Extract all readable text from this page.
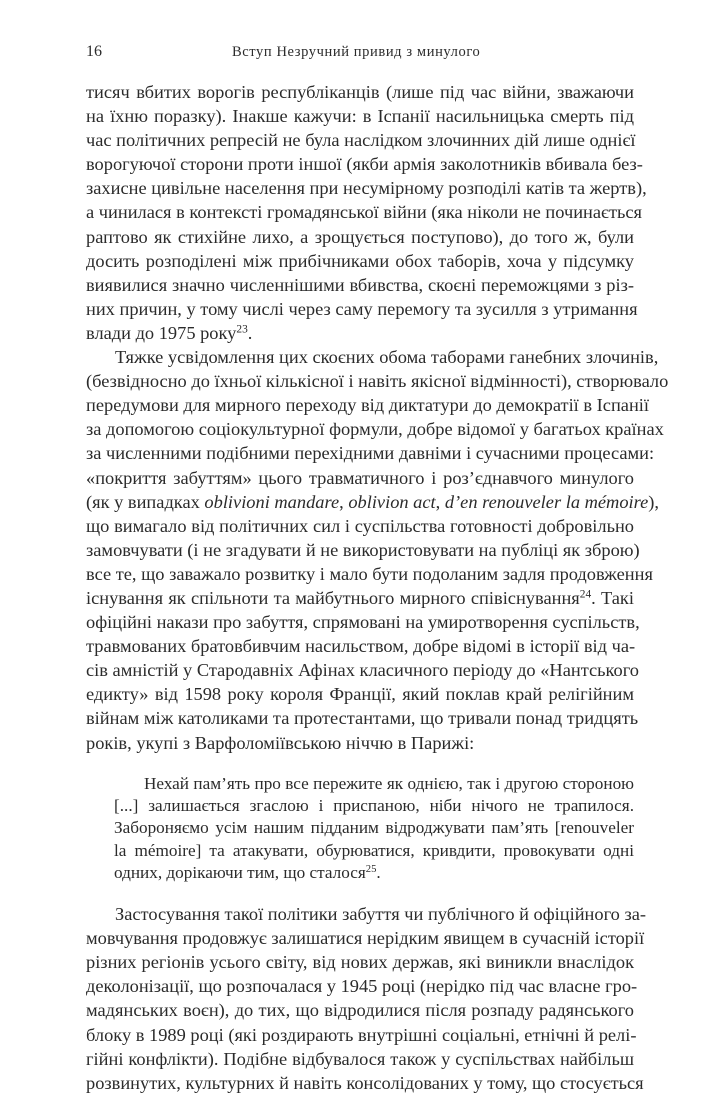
16	Вступ Незручний привид з минулого
тисяч вбитих ворогів республіканців (лише під час війни, зважаючи
на їхню поразку). Інакше кажучи: в Іспанії насильницька смерть під
час політичних репресій не була наслідком злочинних дій лише однієї
ворогуючої сторони проти іншої (якби армія заколотників вбивала без-
захисне цивільне населення при несумірному розподілі катів та жертв),
а чинилася в контексті громадянської війни (яка ніколи не починається
раптово як стихійне лихо, а зрощується поступово), до того ж, були
досить розподілені між прибічниками обох таборів, хоча у підсумку
виявилися значно численнішими вбивства, скоєні переможцями з різ-
них причин, у тому числі через саму перемогу та зусилля з утримання
влади до 1975 року$^{23}$.
Тяжке усвідомлення цих скоєних обома таборами ганебних злочинів,
(безвідносно до їхньої кількісної і навіть якісної відмінності), створювало
передумови для мирного переходу від диктатури до демократії в Іспанії
за допомогою соціокультурної формули, добре відомої у багатьох країнах
за численними подібними перехідними давніми і сучасними процесами:
«покриття забуттям» цього травматичного і роз’єднавчого минулого
(як у випадках oblivioni mandare, oblivion act, d’en renouveler la mémoire),
що вимагало від політичних сил і суспільства готовності добровільно
замовчувати (і не згадувати й не використовувати на публіці як зброю)
все те, що заважало розвитку і мало бути подоланим задля продовження
існування як спільноти та майбутнього мирного співіснування$^{24}$. Такі
офіційні накази про забуття, спрямовані на умиротворення суспільств,
травмованих братовбивчим насильством, добре відомі в історії від ча-
сів амністій у Стародавніх Афінах класичного періоду до «Нантського
едикту» від 1598 року короля Франції, який поклав край релігійним
війнам між католиками та протестантами, що тривали понад тридцять
років, укупі з Варфоломіївською ніччю в Парижі:
Нехай пам’ять про все пережите як однією, так і другою стороною
[...] залишається згаслою і приспаною, ніби нічого не трапилося.
Забороняємо усім нашим підданим відроджувати пам’ять [renouveler
la mémoire] та атакувати, обурюватися, кривдити, провокувати одні
одних, дорікаючи тим, що сталося$^{25}$.
Застосування такої політики забуття чи публічного й офіційного за-
мовчування продовжує залишатися нерідким явищем в сучасній історії
різних регіонів усього світу, від нових держав, які виникли внаслідок
деколонізації, що розпочалася у 1945 році (нерідко під час власне гро-
мадянських воєн), до тих, що відродилися після розпаду радянського
блоку в 1989 році (які роздирають внутрішні соціальні, етнічні й релі-
гійні конфлікти). Подібне відбувалося також у суспільствах найбільш
розвинутих, культурних й навіть консолідованих у тому, що стосується
